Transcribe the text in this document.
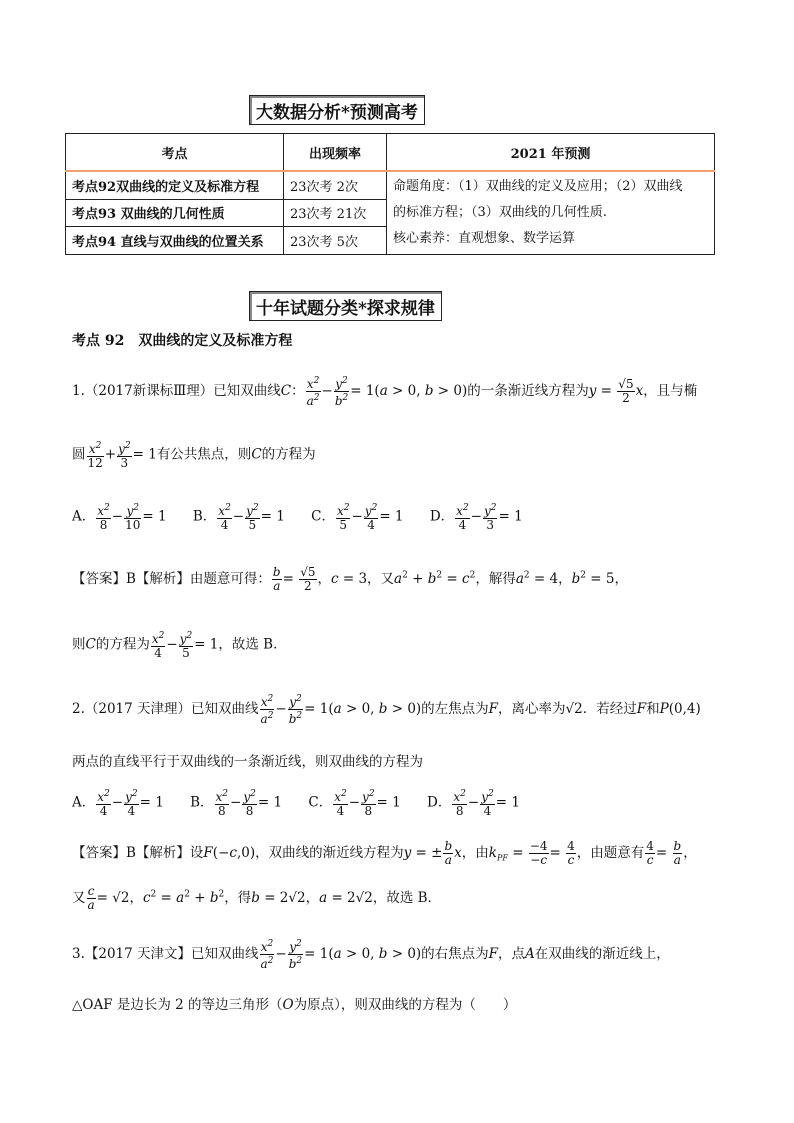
大数据分析*预测高考
考点	出现频率	2021 年预测
考点92双曲线的定义及标准方程	23次考 2次	命题角度：（1）双曲线的定义及应用；（2）双曲线
的标准方程；（3）双曲线的几何性质.
核心素养：直观想象、数学运算

考点93 双曲线的几何性质	23次考 21次	
考点94 直线与双曲线的位置关系	23次考 5次	
十年试题分类*探求规律
考点 92　双曲线的定义及标准方程
1.（2017新课标Ⅲ理）已知双曲线C： $\frac{x^2}{a^2} - \frac{y^2}{b^2} = 1(a > 0$, b > 0)的一条渐近线方程为$y = \frac{√5}{2}$ x，且与椭
圆 $\frac{x^2}{12} + \frac{y^2}{3} = 1$有公共焦点，则C的方程为
A． $\frac{x^2}{8} - \frac{y^2}{10} = 1$ B． $\frac{x^2}{4} - \frac{y^2}{5} = 1$ C． $\frac{x^2}{5} - \frac{y^2}{4} = 1$ D． $\frac{x^2}{4} - \frac{y^2}{3} = 1$
【答案】B【解析】由题意可得： $\frac{b}{a} = \frac{√5}{2}$ ，c = 3，又$a^2 + b^2 = c^2$，解得$a^2 = 4$，$b^2 = 5$，
则C的方程为 $\frac{x^2}{4} - \frac{y^2}{5} = 1$，故选 B．
2.（2017 天津理）已知双曲线 $\frac{x^2}{a^2} - \frac{y^2}{b^2} = 1(a > 0$, b > 0)的左焦点为F，离心率为√2．若经过F和P(0,4)
两点的直线平行于双曲线的一条渐近线，则双曲线的方程为
A． $\frac{x^2}{4} - \frac{y^2}{4} = 1$ B． $\frac{x^2}{8} - \frac{y^2}{8} = 1$ C． $\frac{x^2}{4} - \frac{y^2}{8} = 1$ D． $\frac{x^2}{8} - \frac{y^2}{4} = 1$
【答案】B【解析】设F(−c,0)，双曲线的渐近线方程为y = ± $\frac{b}{a}$ x，由$k_{PF} = \frac{-4}{-c} = \frac{4}{c}$ ，由题意有 $\frac{4}{c} = \frac{b}{a}$ ，
又 $\frac{c}{a} = √2$，$c^2 = a^2 + b^2$，得b = 2√2，a = 2√2，故选 B．
3.【2017 天津文】已知双曲线 $\frac{x^2}{a^2} - \frac{y^2}{b^2} = 1(a > 0$, b > 0)的右焦点为F，点A在双曲线的渐近线上，
△OAF 是边长为 2 的等边三角形（O为原点），则双曲线的方程为（　　）
